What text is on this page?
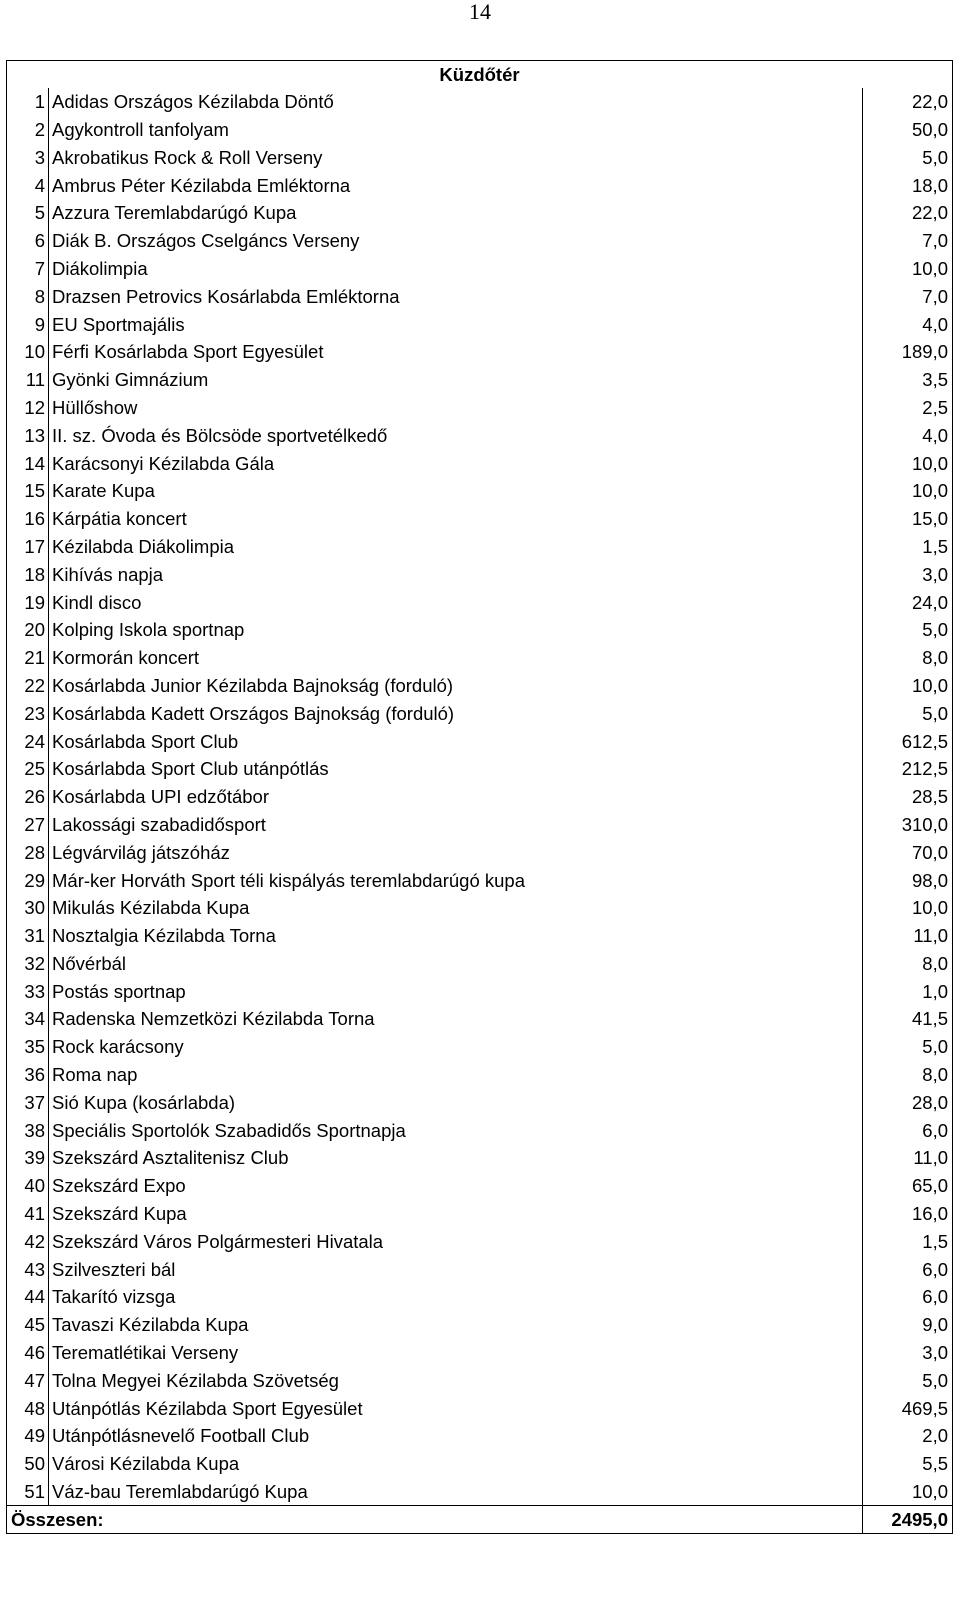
14
Küzdőtér		
1	Adidas Országos Kézilabda Döntő	22,0
2	Agykontroll tanfolyam	50,0
3	Akrobatikus Rock & Roll Verseny	5,0
4	Ambrus Péter Kézilabda Emléktorna	18,0
5	Azzura Teremlabdarúgó Kupa	22,0
6	Diák B. Országos Cselgáncs Verseny	7,0
7	Diákolimpia	10,0
8	Drazsen Petrovics Kosárlabda Emléktorna	7,0
9	EU Sportmajális	4,0
10	Férfi Kosárlabda Sport Egyesület	189,0
11	Gyönki Gimnázium	3,5
12	Hüllőshow	2,5
13	II. sz. Óvoda és Bölcsöde sportvetélkedő	4,0
14	Karácsonyi Kézilabda Gála	10,0
15	Karate Kupa	10,0
16	Kárpátia koncert	15,0
17	Kézilabda Diákolimpia	1,5
18	Kihívás napja	3,0
19	Kindl disco	24,0
20	Kolping Iskola sportnap	5,0
21	Kormorán koncert	8,0
22	Kosárlabda Junior Kézilabda Bajnokság (forduló)	10,0
23	Kosárlabda Kadett Országos Bajnokság (forduló)	5,0
24	Kosárlabda Sport Club	612,5
25	Kosárlabda Sport Club utánpótlás	212,5
26	Kosárlabda UPI edzőtábor	28,5
27	Lakossági szabadidősport	310,0
28	Légvárvilág játszóház	70,0
29	Már-ker Horváth Sport téli kispályás teremlabdarúgó kupa	98,0
30	Mikulás Kézilabda Kupa	10,0
31	Nosztalgia Kézilabda Torna	11,0
32	Nővérbál	8,0
33	Postás sportnap	1,0
34	Radenska Nemzetközi Kézilabda Torna	41,5
35	Rock karácsony	5,0
36	Roma nap	8,0
37	Sió Kupa (kosárlabda)	28,0
38	Speciális Sportolók Szabadidős Sportnapja	6,0
39	Szekszárd Asztalitenisz Club	11,0
40	Szekszárd Expo	65,0
41	Szekszárd Kupa	16,0
42	Szekszárd Város Polgármesteri Hivatala	1,5
43	Szilveszteri bál	6,0
44	Takarító vizsga	6,0
45	Tavaszi Kézilabda Kupa	9,0
46	Terematlétikai Verseny	3,0
47	Tolna Megyei Kézilabda Szövetség	5,0
48	Utánpótlás Kézilabda Sport Egyesület	469,5
49	Utánpótlásnevelő Football Club	2,0
50	Városi Kézilabda Kupa	5,5
51	Váz-bau Teremlabdarúgó Kupa	10,0
Összesen:		2495,0
